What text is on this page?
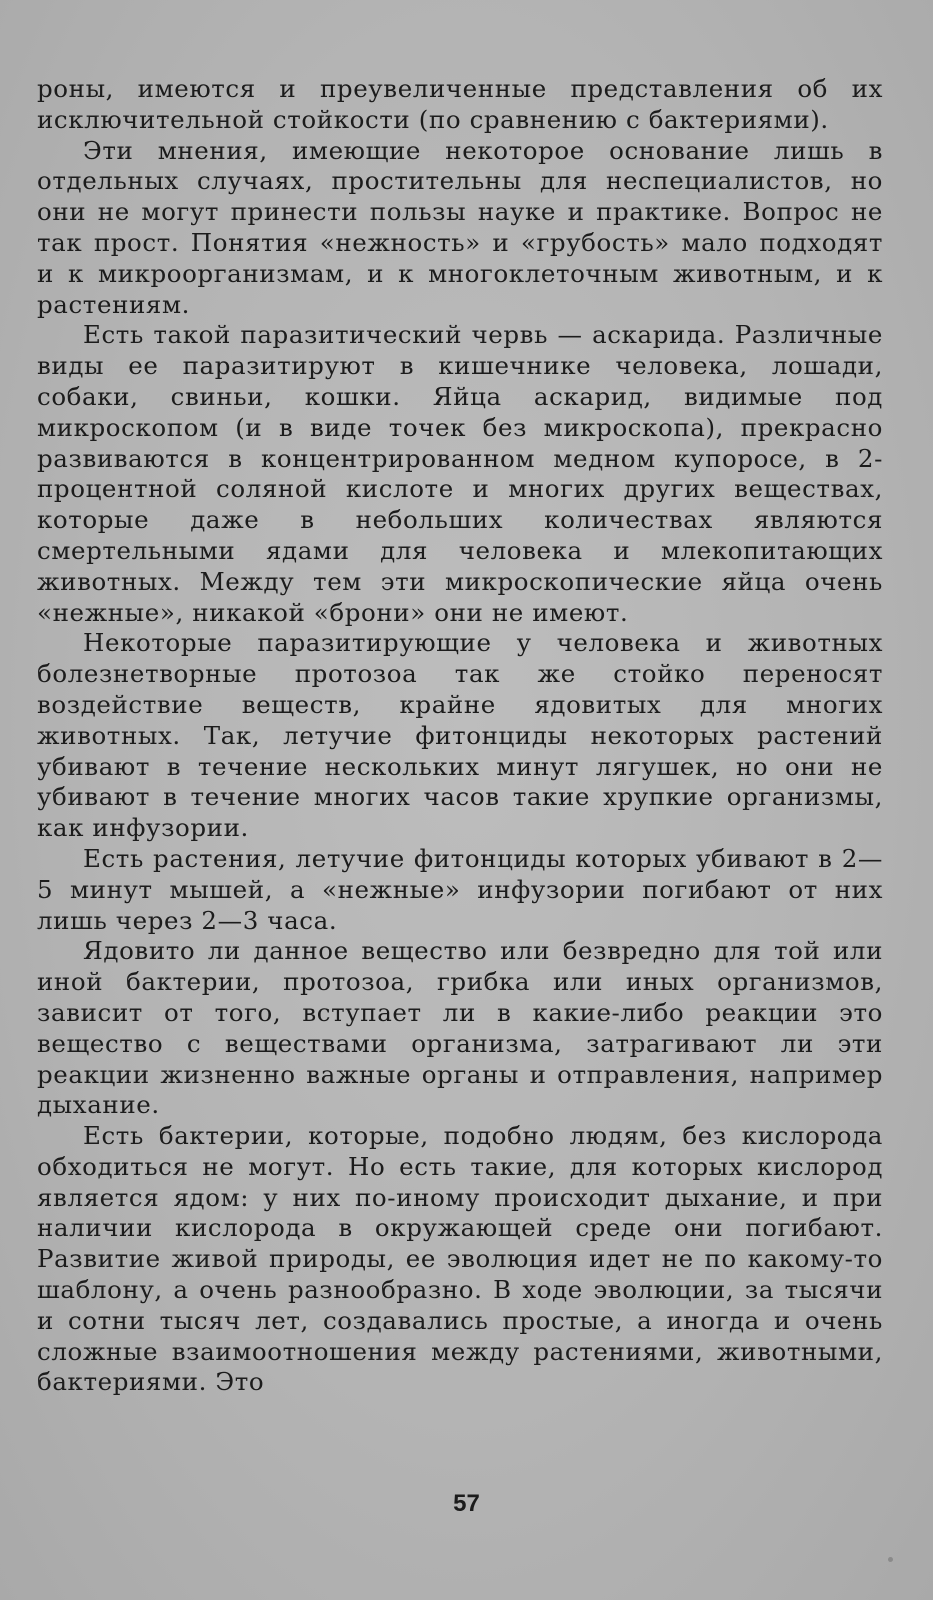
роны, имеются и преувеличенные представления об их исключительной стойкости (по сравнению с бактериями).

Эти мнения, имеющие некоторое основание лишь в отдельных случаях, простительны для неспециалистов, но они не могут принести пользы науке и практике. Вопрос не так прост. Понятия «нежность» и «грубость» мало подходят и к микроорганизмам, и к многоклеточным животным, и к растениям.

Есть такой паразитический червь — аскарида. Различные виды ее паразитируют в кишечнике человека, лошади, собаки, свиньи, кошки. Яйца аскарид, видимые под микроскопом (и в виде точек без микроскопа), прекрасно развиваются в концентрированном медном купоросе, в 2-процентной соляной кислоте и многих других веществах, которые даже в небольших количествах являются смертельными ядами для человека и млекопитающих животных. Между тем эти микроскопические яйца очень «нежные», никакой «брони» они не имеют.

Некоторые паразитирующие у человека и животных болезнетворные протозоа так же стойко переносят воздействие веществ, крайне ядовитых для многих животных. Так, летучие фитонциды некоторых растений убивают в течение нескольких минут лягушек, но они не убивают в течение многих часов такие хрупкие организмы, как инфузории.

Есть растения, летучие фитонциды которых убивают в 2—5 минут мышей, а «нежные» инфузории погибают от них лишь через 2—3 часа.

Ядовито ли данное вещество или безвредно для той или иной бактерии, протозоа, грибка или иных организмов, зависит от того, вступает ли в какие-либо реакции это вещество с веществами организма, затрагивают ли эти реакции жизненно важные органы и отправления, например дыхание.

Есть бактерии, которые, подобно людям, без кислорода обходиться не могут. Но есть такие, для которых кислород является ядом: у них по-иному происходит дыхание, и при наличии кислорода в окружающей среде они погибают. Развитие живой природы, ее эволюция идет не по какому-то шаблону, а очень разнообразно. В ходе эволюции, за тысячи и сотни тысяч лет, создавались простые, а иногда и очень сложные взаимоотношения между растениями, животными, бактериями. Это

57
